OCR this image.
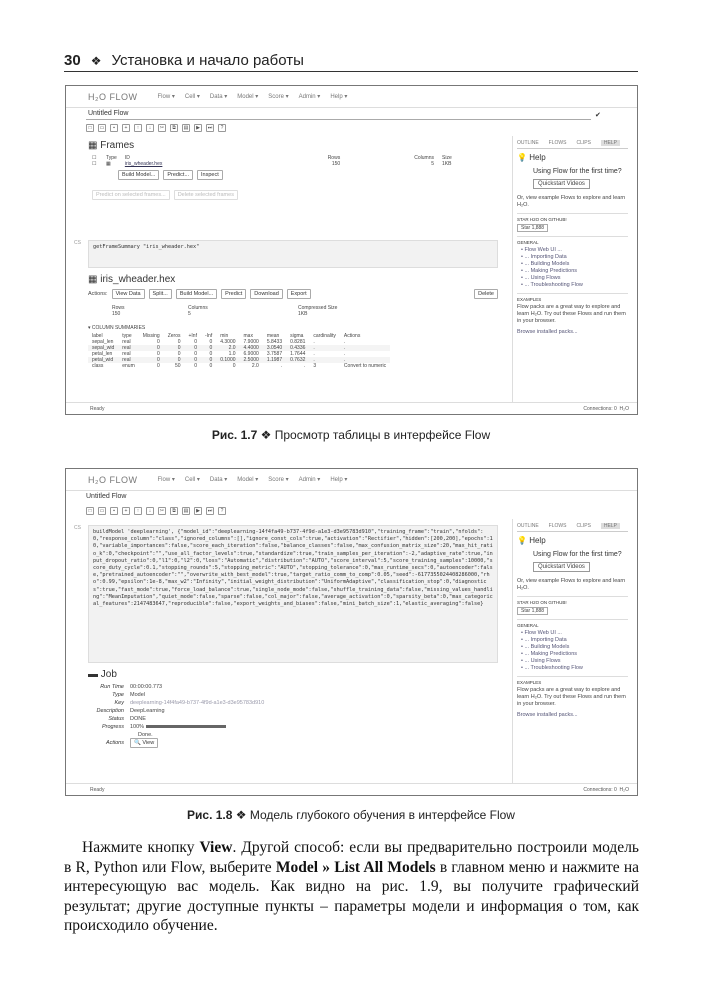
30 ❖ Установка и начало работы
H₂O FLOW	Flow ▾ Cell ▾ Data ▾ Model ▾ Score ▾ Admin ▾ Help ▾
Untitled Flow	✔
□	▭	▪	+	↑	↓	✂	⧉	▤	▶	⏭	?
▦ Frames
☐	Type	ID	Rows	Columns	Size
☐	▦	iris_wheader.hex	150	5	1KB
Build Model...	Predict...	Inspect
Predict on selected frames...	Delete selected frames
CS
getFrameSummary "iris_wheader.hex"
▦ iris_wheader.hex
Actions:	View Data	Split...	Build Model...	Predict	Download	Export	Delete
Rows	Columns	Compressed Size
150	5	1KB
▾ COLUMN SUMMARIES
label	type	Missing	Zeros	+Inf	-Inf	min	max	mean	sigma	cardinality	Actions
sepal_len	real	0	0	0	0	4.3000	7.9000	5.8433	0.8281	.	.
sepal_wid	real	0	0	0	0	2.0	4.4000	3.0540	0.4336	.	.
petal_len	real	0	0	0	0	1.0	6.9000	3.7587	1.7644	.	.
petal_wid	real	0	0	0	0	0.1000	2.5000	1.1987	0.7632	.	.
class	enum	0	50	0	0	0	2.0	.	.	3	Convert to numeric
OUTLINE FLOWS CLIPS	HELP
💡 Help
Using Flow for the first time?
Quickstart Videos

Or, view example Flows to explore and learn H₂O.

STAR H2O ON GITHUB!
Star 1,888
GENERAL
• Flow Web UI ...
• ... Importing Data
• ... Building Models
• ... Making Predictions
• ... Using Flows
• ... Troubleshooting Flow
EXAMPLES

Flow packs are a great way to explore and learn H₂O. Try out these Flows and run them in your browser.

Browse installed packs...

Ready	Connections: 0 H₂O
Рис. 1.7 ❖ Просмотр таблицы в интерфейсе Flow
H₂O FLOW	Flow ▾ Cell ▾ Data ▾ Model ▾ Score ▾ Admin ▾ Help ▾
Untitled Flow
□	▭	▪	+	↑	↓	✂	⧉	▤	▶	⏭	?
CS
buildModel 'deeplearning', {"model_id":"deeplearning-14f4fa49-b737-4f9d-a1e3-d3e95783d910","training_frame":"train","nfolds":0,"response_column":"class","ignored_columns":[],"ignore_const_cols":true,"activation":"Rectifier","hidden":[200,200],"epochs":10,"variable_importances":false,"score_each_iteration":false,"balance_classes":false,"max_confusion_matrix_size":20,"max_hit_ratio_k":0,"checkpoint":"","use_all_factor_levels":true,"standardize":true,"train_samples_per_iteration":-2,"adaptive_rate":true,"input_dropout_ratio":0,"l1":0,"l2":0,"loss":"Automatic","distribution":"AUTO","score_interval":5,"score_training_samples":10000,"score_duty_cycle":0.1,"stopping_rounds":5,"stopping_metric":"AUTO","stopping_tolerance":0,"max_runtime_secs":0,"autoencoder":false,"pretrained_autoencoder":"","overwrite_with_best_model":true,"target_ratio_comm_to_comp":0.05,"seed":-6177355024408286000,"rho":0.99,"epsilon":1e-8,"max_w2":"Infinity","initial_weight_distribution":"UniformAdaptive","classification_stop":0,"diagnostics":true,"fast_mode":true,"force_load_balance":true,"single_node_mode":false,"shuffle_training_data":false,"missing_values_handling":"MeanImputation","quiet_mode":false,"sparse":false,"col_major":false,"average_activation":0,"sparsity_beta":0,"max_categorical_features":2147483647,"reproducible":false,"export_weights_and_biases":false,"mini_batch_size":1,"elastic_averaging":false}
▬ Job
Run Time 00:00:00.773
Type Model
Key deeplearning-14f4fa49-b737-4f9d-a1e3-d3e95783d910
Description DeepLearning
Status DONE
Progress 100%
Done.
Actions	🔍 View
OUTLINE FLOWS CLIPS	HELP
💡 Help
Using Flow for the first time?
Quickstart Videos

Or, view example Flows to explore and learn H₂O.

STAR H2O ON GITHUB!
Star 1,888
GENERAL
• Flow Web UI ...
• ... Importing Data
• ... Building Models
• ... Making Predictions
• ... Using Flows
• ... Troubleshooting Flow
EXAMPLES

Flow packs are a great way to explore and learn H₂O. Try out these Flows and run them in your browser.

Browse installed packs...

Ready	Connections: 0 H₂O
Рис. 1.8 ❖ Модель глубокого обучения в интерфейсе Flow
Нажмите кнопку View. Другой способ: если вы предварительно построили модель в R, Python или Flow, выберите Model » List All Models в главном меню и нажмите на интересующую вас модель. Как видно на рис. 1.9, вы получите графический результат; другие доступные пункты – параметры модели и информация о том, как происходило обучение.
